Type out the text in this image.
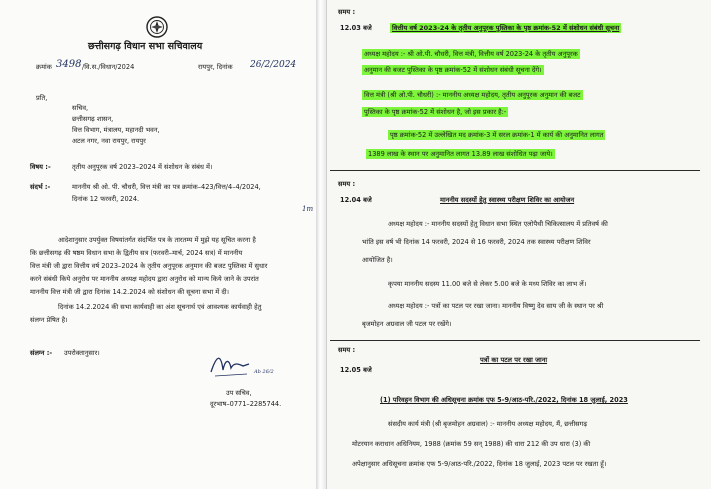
छत्तीसगढ़ विधान सभा सचिवालय
क्रमांक 3498 /वि.स./विधान/2024	रायपुर, दिनांक 26/2/2024
प्रति,
सचिव,
छत्तीसगढ़ शासन,
वित्त विभाग, मंत्रालय, महानदी भवन,
अटल नगर, नवा रायपुर, रायपुर
विषय :-	तृतीय अनुपूरक वर्ष 2023–2024 में संशोधन के संबंध में।
संदर्भ :-	माननीय श्री ओ. पी. चौधरी, वित्त मंत्री का पत्र क्रमांक–423/वित्त/4–4/2024,
दिनांक 12 फरवरी, 2024.
1m
आदेशानुसार उपर्युक्त विषयांतर्गत संदर्भित पत्र के तारतम्य में मुझे यह सूचित करना है
कि छत्तीसगढ़ की षष्ठम विधान सभा के द्वितीय सत्र (फरवरी–मार्च, 2024 सत्र) में माननीय
वित्त मंत्री जी द्वारा वित्तीय वर्ष 2023–2024 के तृतीय अनुपूरक अनुमान की बजट पुस्तिका में सुधार
करने संबंधी किये अनुरोध पर माननीय अध्यक्ष महोदय द्वारा अनुरोध को मान्य किये जाने के उपरांत
माननीय वित्त मंत्री जी द्वारा दिनांक 14.2.2024 को संशोधन की सूचना सभा में दी।
दिनांक 14.2.2024 की सभा कार्यवाही का अंश सूचनार्थ एवं आवश्यक कार्यवाही हेतु
संलग्न प्रेषित है।
संलग्न :- उपरोक्तानुसार।
Ab 26/2
उप सचिव,
दूरभाष–0771–2285744.
समय :
12.03 बजे	वित्तीय वर्ष 2023-24 के तृतीय अनुपूरक पुस्तिका के पृष्ठ क्रमांक-52 में संशोधन संबंधी सूचना
अध्यक्ष महोदय :- श्री ओ.पी. चौधरी, वित्त मंत्री, वित्तीय वर्ष 2023-24 के तृतीय अनुपूरक
अनुमान की बजट पुस्तिका के पृष्ठ क्रमांक-52 में संशोधन संबंधी सूचना देंगे।
वित्त मंत्री (श्री ओ.पी. चौधरी) :- माननीय अध्यक्ष महोदय, तृतीय अनुपूरक अनुमान की बजट
पुस्तिका के पृष्ठ क्रमांक-52 में संशोधन है, जो इस प्रकार है:-
पृष्ठ क्रमांक-52 में उल्लेखित मद क्रमांक-3 में सरल क्रमांक-1 में कार्य की अनुमानित लागत
1389 लाख के स्थान पर अनुमानित लागत 13.89 लाख संशोधित पढ़ा जाये।
समय :
12.04 बजे	माननीय सदस्यों हेतु स्वास्थ्य परीक्षण शिविर का आयोजन
अध्यक्ष महोदय :- माननीय सदस्यों हेतु विधान सभा स्थित एलोपैथी चिकित्सालय में प्रतिवर्ष की
भांति इस वर्ष भी दिनांक 14 फरवरी, 2024 से 16 फरवरी, 2024 तक स्वास्थ्य परीक्षण शिविर
आयोजित है।
कृपया माननीय सदस्य 11.00 बजे से लेकर 5.00 बजे के मध्य शिविर का लाभ लें।
अध्यक्ष महोदय :- पत्रों का पटल पर रखा जाना। माननीय विष्णु देव साय जी के स्थान पर श्री
बृजमोहन अग्रवाल जी पटल पर रखेंगे।
समय :
पत्रों का पटल पर रखा जाना
12.05 बजे
(1) परिवहन विभाग की अधिसूचना क्रमांक एफ 5-9/आठ-परि./2022, दिनांक 18 जुलाई, 2023
संसदीय कार्य मंत्री (श्री बृजमोहन अग्रवाल) :- माननीय अध्यक्ष महोदय, मैं, छत्तीसगढ़
मोटरयान कराधान अधिनियम, 1988 (क्रमांक 59 सन् 1988) की धारा 212 की उप धारा (3) की
अपेक्षानुसार अधिसूचना क्रमांक एफ 5-9/आठ-परि./2022, दिनांक 18 जुलाई, 2023 पटल पर रखता हूँ।
